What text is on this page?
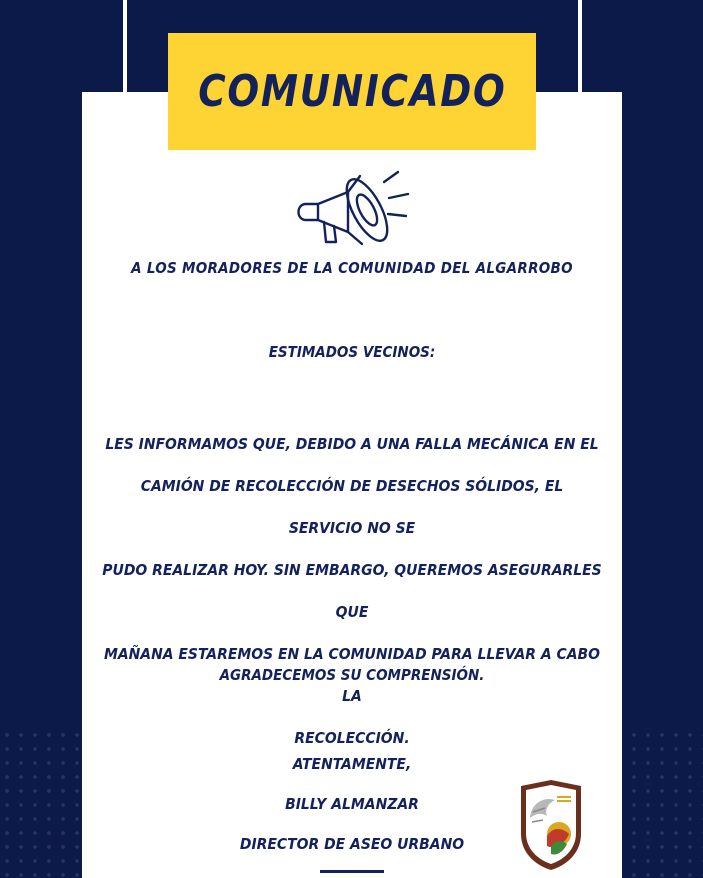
COMUNICADO
A LOS MORADORES DE LA COMUNIDAD DEL ALGARROBO
ESTIMADOS VECINOS:
LES INFORMAMOS QUE, DEBIDO A UNA FALLA MECÁNICA EN EL
CAMIÓN DE RECOLECCIÓN DE DESECHOS SÓLIDOS, EL SERVICIO NO SE
PUDO REALIZAR HOY. SIN EMBARGO, QUEREMOS ASEGURARLES QUE
MAÑANA ESTAREMOS EN LA COMUNIDAD PARA LLEVAR A CABO LA
RECOLECCIÓN.
AGRADECEMOS SU COMPRENSIÓN.
ATENTAMENTE,
BILLY ALMANZAR
DIRECTOR DE ASEO URBANO
